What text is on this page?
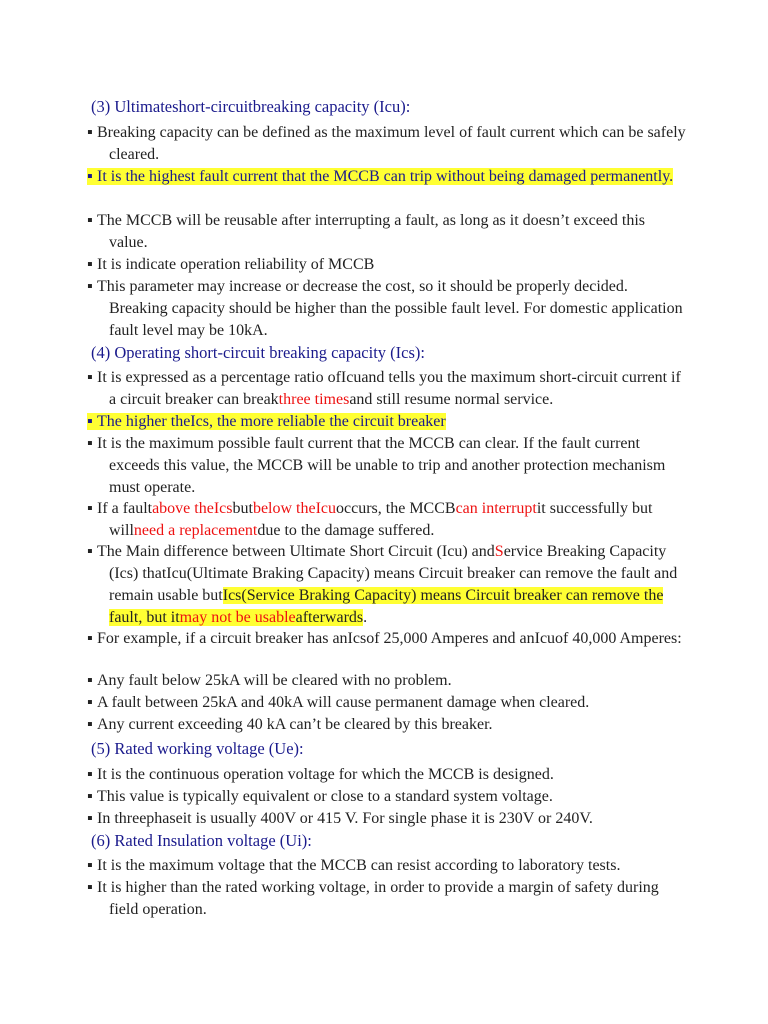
(3) Ultimateshort-circuitbreaking capacity (Icu):
▪ Breaking capacity can be defined as the maximum level of fault current which can be safely cleared.
▪ It is the highest fault current that the MCCB can trip without being damaged permanently.
▪ The MCCB will be reusable after interrupting a fault, as long as it doesn’t exceed this value.
▪ It is indicate operation reliability of MCCB
▪ This parameter may increase or decrease the cost, so it should be properly decided. Breaking capacity should be higher than the possible fault level. For domestic application fault level may be 10kA.
(4) Operating short-circuit breaking capacity (Ics):
▪ It is expressed as a percentage ratio ofIcuand tells you the maximum short-circuit current if a circuit breaker can breakthree timesand still resume normal service.
▪ The higher theIcs, the more reliable the circuit breaker
▪ It is the maximum possible fault current that the MCCB can clear. If the fault current exceeds this value, the MCCB will be unable to trip and another protection mechanism must operate.
▪ If a faultabove theIcsbutbelow theIcuoccurs, the MCCBcan interruptit successfully but willneed a replacementdue to the damage suffered.
▪ The Main difference between Ultimate Short Circuit (Icu) andService Breaking Capacity (Ics) thatIcu(Ultimate Braking Capacity) means Circuit breaker can remove the fault and remain usable butIcs(Service Braking Capacity) means Circuit breaker can remove the fault, but itmay not be usableafterwards.
▪ For example, if a circuit breaker has anIcsof 25,000 Amperes and anIcuof 40,000 Amperes:
▪ Any fault below 25kA will be cleared with no problem.
▪ A fault between 25kA and 40kA will cause permanent damage when cleared.
▪ Any current exceeding 40 kA can’t be cleared by this breaker.
(5) Rated working voltage (Ue):
▪ It is the continuous operation voltage for which the MCCB is designed.
▪ This value is typically equivalent or close to a standard system voltage.
▪ In threephaseit is usually 400V or 415 V. For single phase it is 230V or 240V.
(6) Rated Insulation voltage (Ui):
▪ It is the maximum voltage that the MCCB can resist according to laboratory tests.
▪ It is higher than the rated working voltage, in order to provide a margin of safety during field operation.
